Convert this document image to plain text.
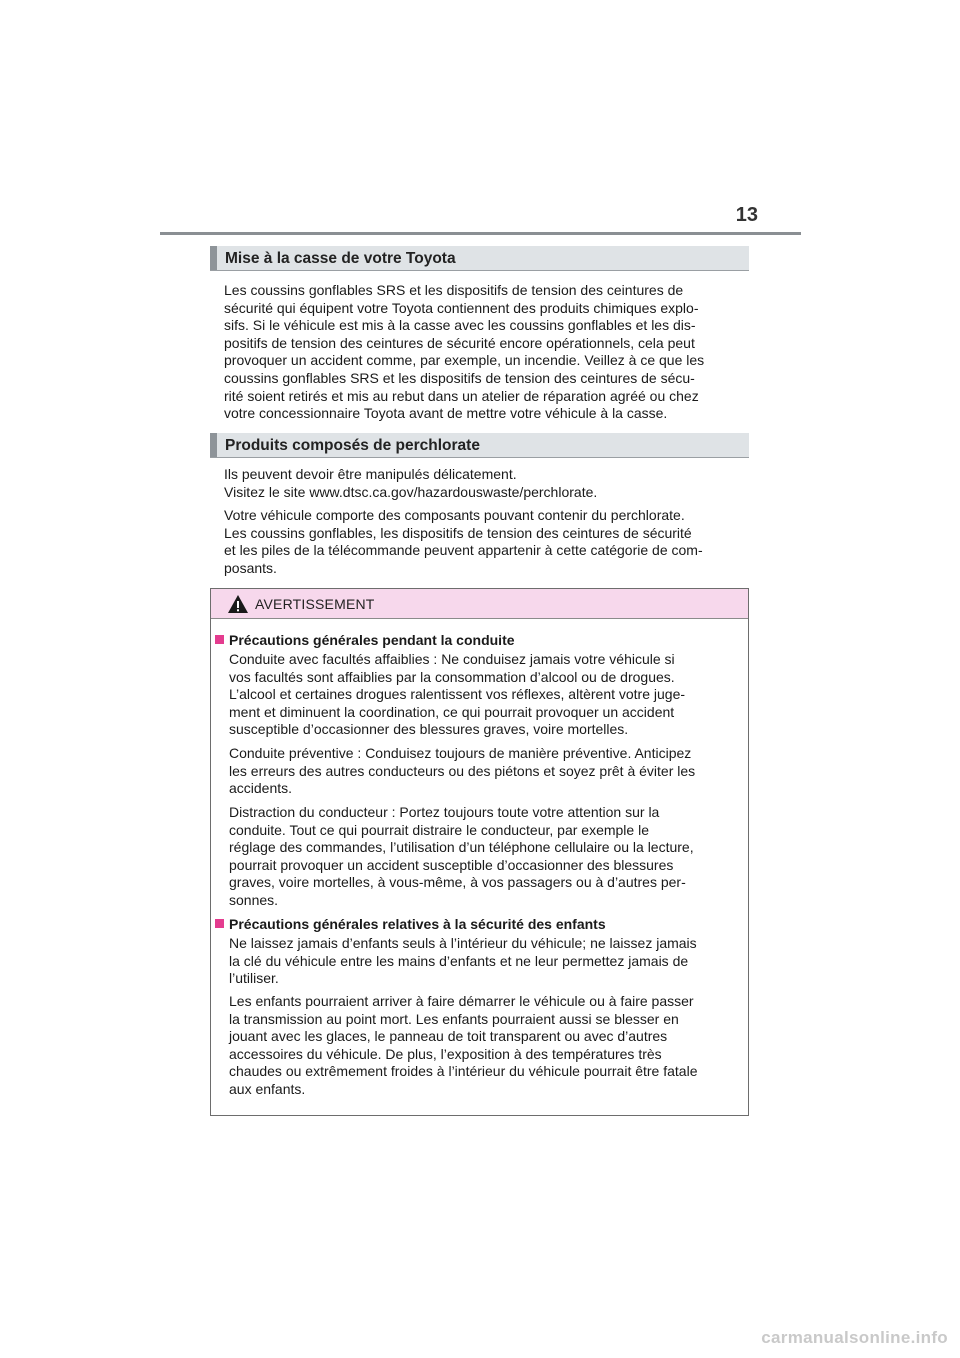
13
Mise à la casse de votre Toyota

Les coussins gonflables SRS et les dispositifs de tension des ceintures de
sécurité qui équipent votre Toyota contiennent des produits chimiques explo-
sifs. Si le véhicule est mis à la casse avec les coussins gonflables et les dis-
positifs de tension des ceintures de sécurité encore opérationnels, cela peut
provoquer un accident comme, par exemple, un incendie. Veillez à ce que les
coussins gonflables SRS et les dispositifs de tension des ceintures de sécu-
rité soient retirés et mis au rebut dans un atelier de réparation agréé ou chez
votre concessionnaire Toyota avant de mettre votre véhicule à la casse.

Produits composés de perchlorate

Ils peuvent devoir être manipulés délicatement.
Visitez le site www.dtsc.ca.gov/hazardouswaste/perchlorate.

Votre véhicule comporte des composants pouvant contenir du perchlorate.
Les coussins gonflables, les dispositifs de tension des ceintures de sécurité
et les piles de la télécommande peuvent appartenir à cette catégorie de com-
posants.

AVERTISSEMENT
Précautions générales pendant la conduite

Conduite avec facultés affaiblies : Ne conduisez jamais votre véhicule si
vos facultés sont affaiblies par la consommation d’alcool ou de drogues.
L’alcool et certaines drogues ralentissent vos réflexes, altèrent votre juge-
ment et diminuent la coordination, ce qui pourrait provoquer un accident
susceptible d’occasionner des blessures graves, voire mortelles.

Conduite préventive : Conduisez toujours de manière préventive. Anticipez
les erreurs des autres conducteurs ou des piétons et soyez prêt à éviter les
accidents.

Distraction du conducteur : Portez toujours toute votre attention sur la
conduite. Tout ce qui pourrait distraire le conducteur, par exemple le
réglage des commandes, l’utilisation d’un téléphone cellulaire ou la lecture,
pourrait provoquer un accident susceptible d’occasionner des blessures
graves, voire mortelles, à vous-même, à vos passagers ou à d’autres per-
sonnes.

Précautions générales relatives à la sécurité des enfants

Ne laissez jamais d’enfants seuls à l’intérieur du véhicule; ne laissez jamais
la clé du véhicule entre les mains d’enfants et ne leur permettez jamais de
l’utiliser.

Les enfants pourraient arriver à faire démarrer le véhicule ou à faire passer
la transmission au point mort. Les enfants pourraient aussi se blesser en
jouant avec les glaces, le panneau de toit transparent ou avec d’autres
accessoires du véhicule. De plus, l’exposition à des températures très
chaudes ou extrêmement froides à l’intérieur du véhicule pourrait être fatale
aux enfants.

carmanualsonline.info
